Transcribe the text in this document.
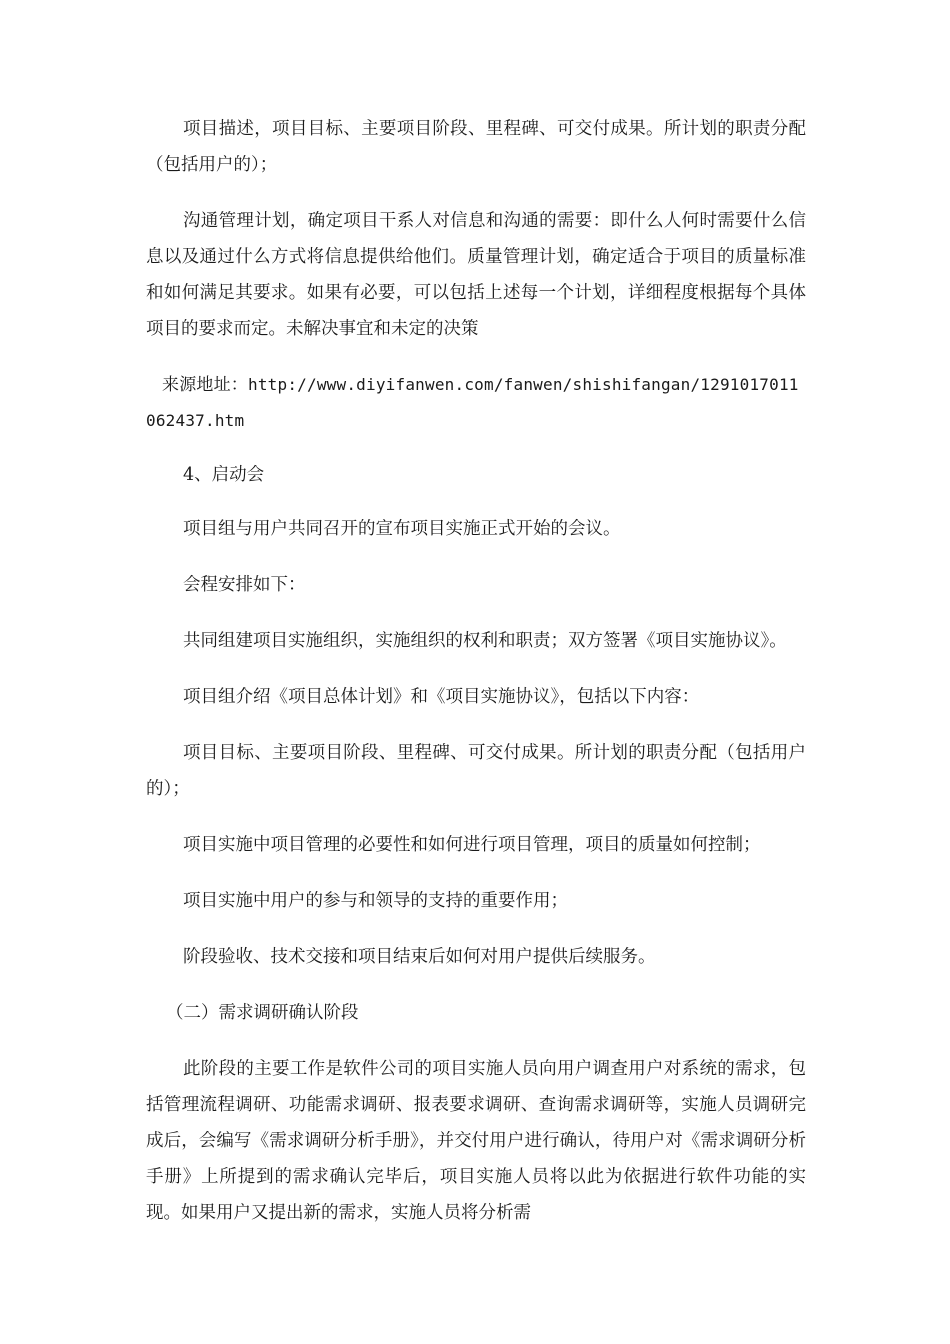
项目描述，项目目标、主要项目阶段、里程碑、可交付成果。所计划的职责分配（包括用户的）；

沟通管理计划，确定项目干系人对信息和沟通的需要：即什么人何时需要什么信息以及通过什么方式将信息提供给他们。质量管理计划，确定适合于项目的质量标准和如何满足其要求。如果有必要，可以包括上述每一个计划，详细程度根据每个具体项目的要求而定。未解决事宜和未定的决策

来源地址：http://www.diyifanwen.com/fanwen/shishifangan/1291017011062437.htm

4、启动会

项目组与用户共同召开的宣布项目实施正式开始的会议。

会程安排如下：

共同组建项目实施组织，实施组织的权利和职责；双方签署《项目实施协议》。

项目组介绍《项目总体计划》和《项目实施协议》，包括以下内容：

项目目标、主要项目阶段、里程碑、可交付成果。所计划的职责分配（包括用户的）；

项目实施中项目管理的必要性和如何进行项目管理，项目的质量如何控制；

项目实施中用户的参与和领导的支持的重要作用；

阶段验收、技术交接和项目结束后如何对用户提供后续服务。

（二）需求调研确认阶段

此阶段的主要工作是软件公司的项目实施人员向用户调查用户对系统的需求，包括管理流程调研、功能需求调研、报表要求调研、查询需求调研等，实施人员调研完成后，会编写《需求调研分析手册》，并交付用户进行确认，待用户对《需求调研分析手册》上所提到的需求确认完毕后，项目实施人员将以此为依据进行软件功能的实现。如果用户又提出新的需求，实施人员将分析需
